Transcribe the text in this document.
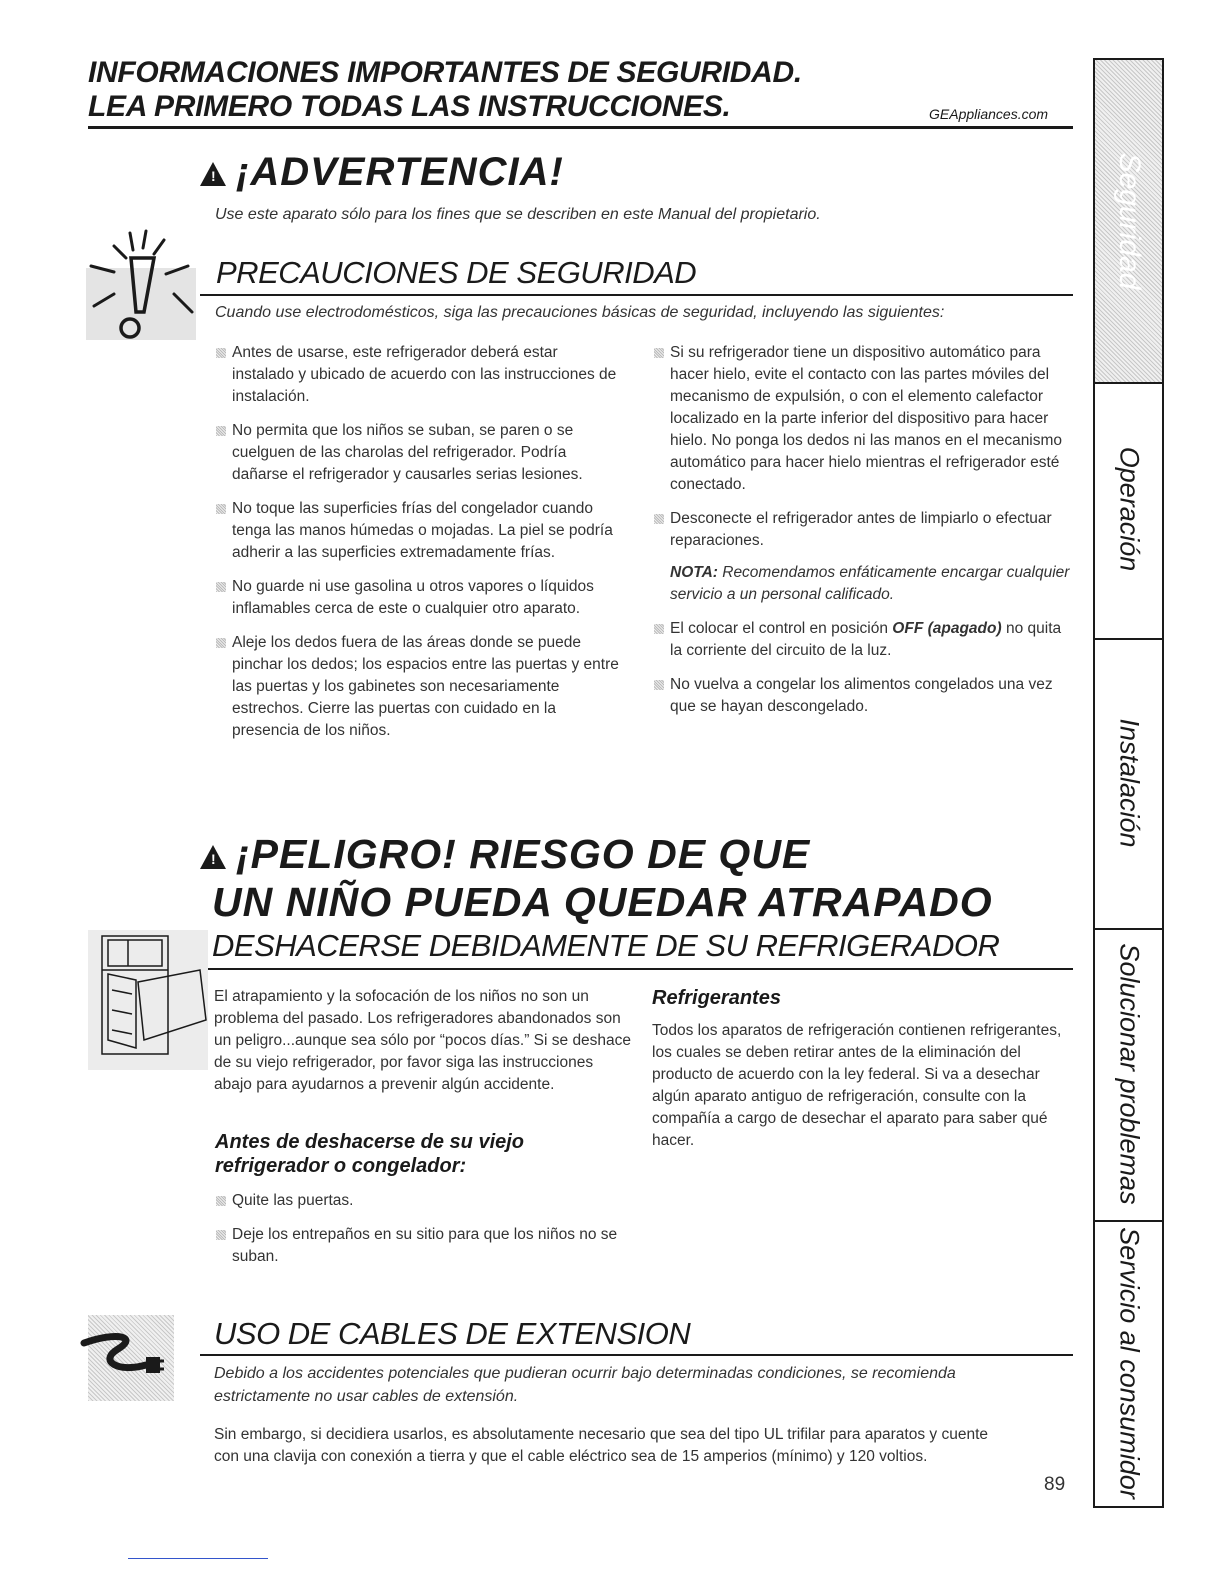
INFORMACIONES IMPORTANTES DE SEGURIDAD.
LEA PRIMERO TODAS LAS INSTRUCCIONES.	GEAppliances.com
! ¡ADVERTENCIA!
Use este aparato sólo para los fines que se describen en este Manual del propietario.
PRECAUCIONES DE SEGURIDAD
Cuando use electrodomésticos, siga las precauciones básicas de seguridad, incluyendo las siguientes:
Antes de usarse, este refrigerador deberá estar instalado y ubicado de acuerdo con las instrucciones de instalación.
No permita que los niños se suban, se paren o se cuelguen de las charolas del refrigerador. Podría dañarse el refrigerador y causarles serias lesiones.
No toque las superficies frías del congelador cuando tenga las manos húmedas o mojadas. La piel se podría adherir a las superficies extremadamente frías.
No guarde ni use gasolina u otros vapores o líquidos inflamables cerca de este o cualquier otro aparato.
Aleje los dedos fuera de las áreas donde se puede pinchar los dedos; los espacios entre las puertas y entre las puertas y los gabinetes son necesariamente estrechos. Cierre las puertas con cuidado en la presencia de los niños.
Si su refrigerador tiene un dispositivo automático para hacer hielo, evite el contacto con las partes móviles del mecanismo de expulsión, o con el elemento calefactor localizado en la parte inferior del dispositivo para hacer hielo. No ponga los dedos ni las manos en el mecanismo automático para hacer hielo mientras el refrigerador esté conectado.
Desconecte el refrigerador antes de limpiarlo o efectuar reparaciones.
NOTA: Recomendamos enfáticamente encargar cualquier servicio a un personal calificado.
El colocar el control en posición OFF (apagado) no quita la corriente del circuito de la luz.
No vuelva a congelar los alimentos congelados una vez que se hayan descongelado.
! ¡PELIGRO! RIESGO DE QUE
UN NIÑO PUEDA QUEDAR ATRAPADO
DESHACERSE DEBIDAMENTE DE SU REFRIGERADOR
El atrapamiento y la sofocación de los niños no son un problema del pasado. Los refrigeradores abandonados son un peligro...aunque sea sólo por “pocos días.” Si se deshace de su viejo refrigerador, por favor siga las instrucciones abajo para ayudarnos a prevenir algún accidente.
Antes de deshacerse de su viejo refrigerador o congelador:
Quite las puertas.
Deje los entrepaños en su sitio para que los niños no se suban.
Refrigerantes
Todos los aparatos de refrigeración contienen refrigerantes, los cuales se deben retirar antes de la eliminación del producto de acuerdo con la ley federal. Si va a desechar algún aparato antiguo de refrigeración, consulte con la compañía a cargo de desechar el aparato para saber qué hacer.
USO DE CABLES DE EXTENSION
Debido a los accidentes potenciales que pudieran ocurrir bajo determinadas condiciones, se recomienda estrictamente no usar cables de extensión.
Sin embargo, si decidiera usarlos, es absolutamente necesario que sea del tipo UL trifilar para aparatos y cuente con una clavija con conexión a tierra y que el cable eléctrico sea de 15 amperios (mínimo) y 120 voltios.
89
Seguridad
Operación
Instalación
Solucionar problemas
Servicio al consumidor
